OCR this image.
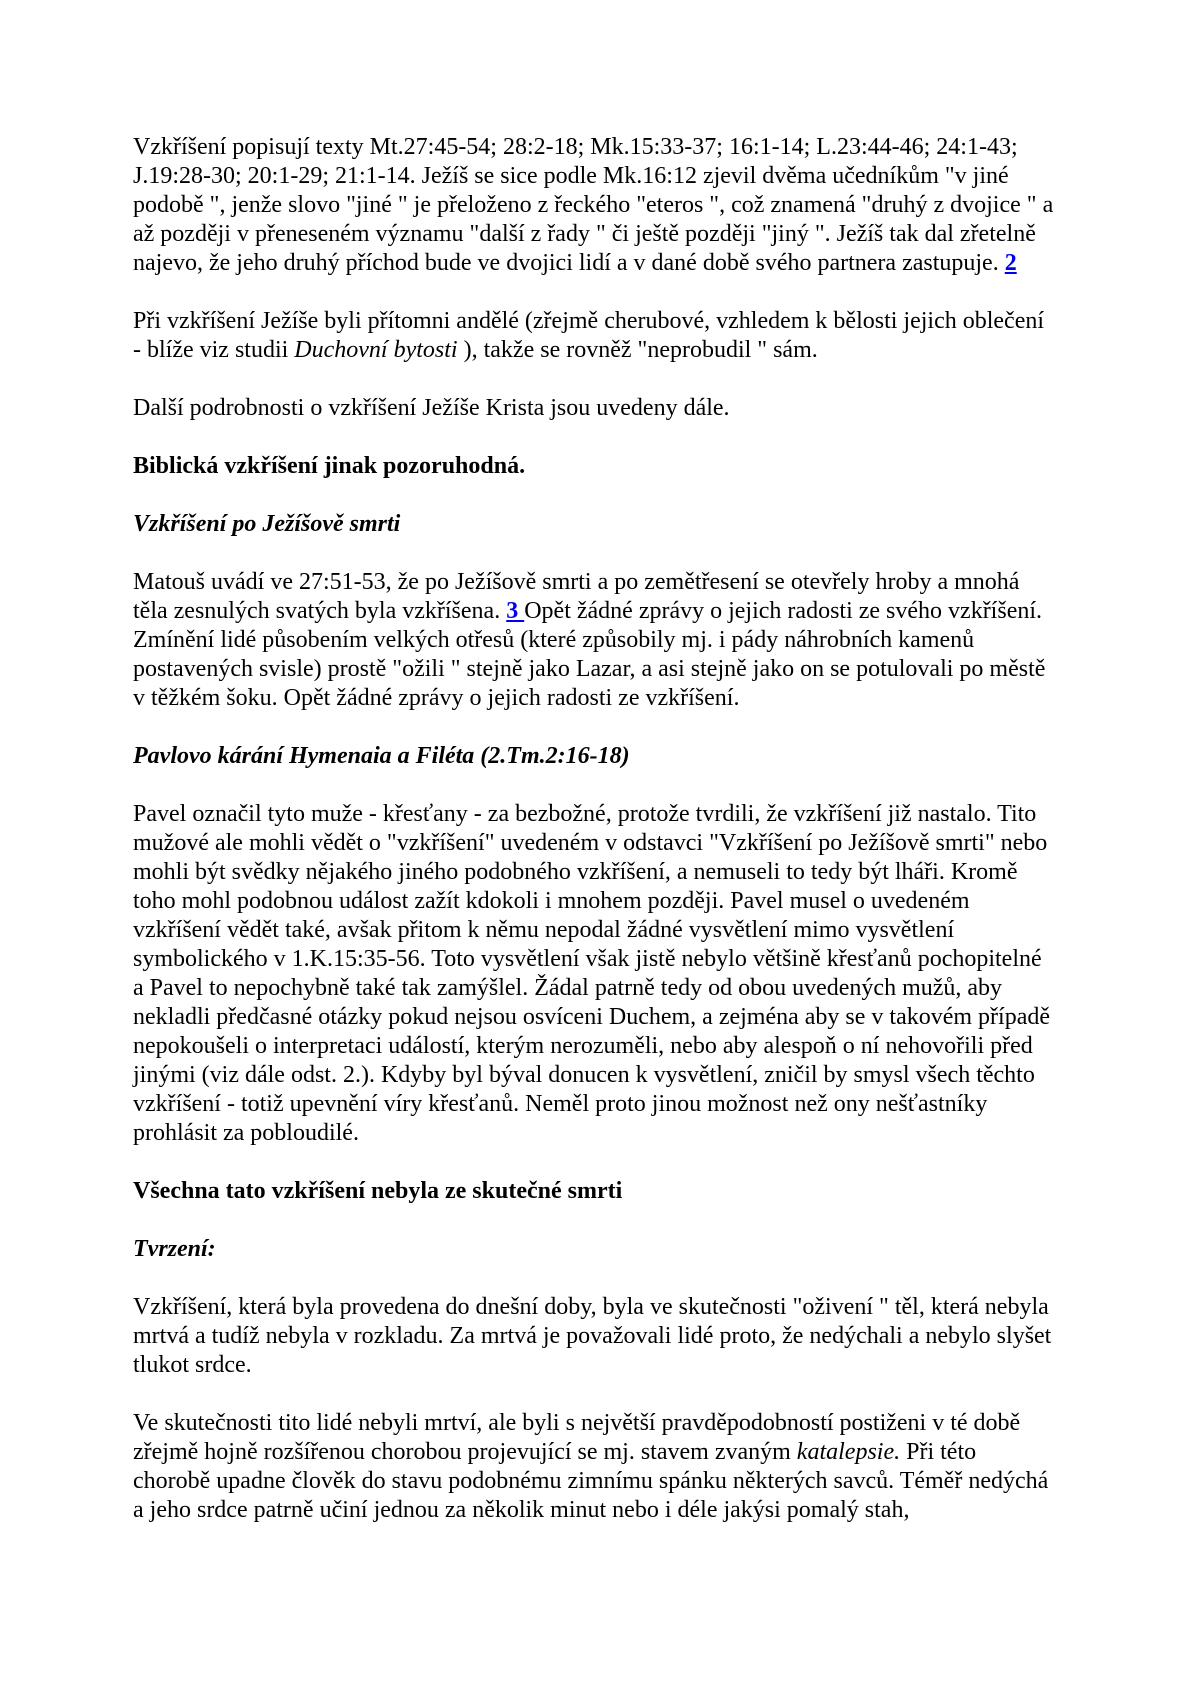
Vzkříšení popisují texty Mt.27:45-54; 28:2-18; Mk.15:33-37; 16:1-14; L.23:44-46; 24:1-43; J.19:28-30; 20:1-29; 21:1-14. Ježíš se sice podle Mk.16:12 zjevil dvěma učedníkům "v jiné podobě ", jenže slovo "jiné " je přeloženo z řeckého "eteros ", což znamená "druhý z dvojice " a až později v přeneseném významu "další z řady " či ještě později "jiný ". Ježíš tak dal zřetelně najevo, že jeho druhý příchod bude ve dvojici lidí a v dané době svého partnera zastupuje. 2

Při vzkříšení Ježíše byli přítomni andělé (zřejmě cherubové, vzhledem k bělosti jejich oblečení - blíže viz studii Duchovní bytosti ), takže se rovněž "neprobudil " sám.

Další podrobnosti o vzkříšení Ježíše Krista jsou uvedeny dále.

Biblická vzkříšení jinak pozoruhodná.

Vzkříšení po Ježíšově smrti

Matouš uvádí ve 27:51-53, že po Ježíšově smrti a po zemětřesení se otevřely hroby a mnohá těla zesnulých svatých byla vzkříšena. 3 Opět žádné zprávy o jejich radosti ze svého vzkříšení. Zmínění lidé působením velkých otřesů (které způsobily mj. i pády náhrobních kamenů postavených svisle) prostě "ožili " stejně jako Lazar, a asi stejně jako on se potulovali po městě v těžkém šoku. Opět žádné zprávy o jejich radosti ze vzkříšení.

Pavlovo kárání Hymenaia a Filéta (2.Tm.2:16-18)

Pavel označil tyto muže - křesťany - za bezbožné, protože tvrdili, že vzkříšení již nastalo. Tito mužové ale mohli vědět o "vzkříšení" uvedeném v odstavci "Vzkříšení po Ježíšově smrti" nebo mohli být svědky nějakého jiného podobného vzkříšení, a nemuseli to tedy být lháři. Kromě toho mohl podobnou událost zažít kdokoli i mnohem později. Pavel musel o uvedeném vzkříšení vědět také, avšak přitom k němu nepodal žádné vysvětlení mimo vysvětlení symbolického v 1.K.15:35-56. Toto vysvětlení však jistě nebylo většině křesťanů pochopitelné a Pavel to nepochybně také tak zamýšlel. Žádal patrně tedy od obou uvedených mužů, aby nekladli předčasné otázky pokud nejsou osvíceni Duchem, a zejména aby se v takovém případě nepokoušeli o interpretaci událostí, kterým nerozuměli, nebo aby alespoň o ní nehovořili před jinými (viz dále odst. 2.). Kdyby byl býval donucen k vysvětlení, zničil by smysl všech těchto vzkříšení - totiž upevnění víry křesťanů. Neměl proto jinou možnost než ony nešťastníky prohlásit za pobloudilé.

Všechna tato vzkříšení nebyla ze skutečné smrti

Tvrzení:

Vzkříšení, která byla provedena do dnešní doby, byla ve skutečnosti "oživení " těl, která nebyla mrtvá a tudíž nebyla v rozkladu. Za mrtvá je považovali lidé proto, že nedýchali a nebylo slyšet tlukot srdce.

Ve skutečnosti tito lidé nebyli mrtví, ale byli s největší pravděpodobností postiženi v té době zřejmě hojně rozšířenou chorobou projevující se mj. stavem zvaným katalepsie. Při této chorobě upadne člověk do stavu podobnému zimnímu spánku některých savců. Téměř nedýchá a jeho srdce patrně učiní jednou za několik minut nebo i déle jakýsi pomalý stah,
